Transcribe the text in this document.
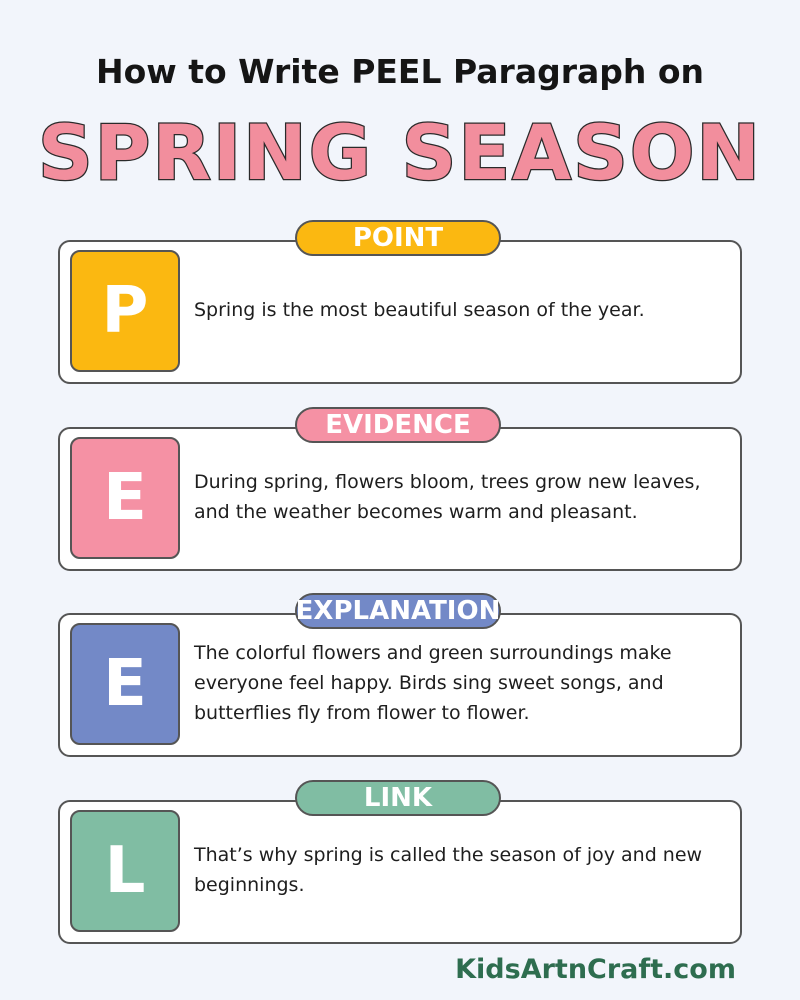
How to Write PEEL Paragraph on
SPRING SEASON
POINT
P	Spring is the most beautiful season of the year.
EVIDENCE
E	During spring, flowers bloom, trees grow new leaves, and the weather becomes warm and pleasant.
EXPLANATION
E	The colorful flowers and green surroundings make everyone feel happy. Birds sing sweet songs, and butterflies fly from flower to flower.
LINK
L	That’s why spring is called the season of joy and new beginnings.
KidsArtnCraft.com
